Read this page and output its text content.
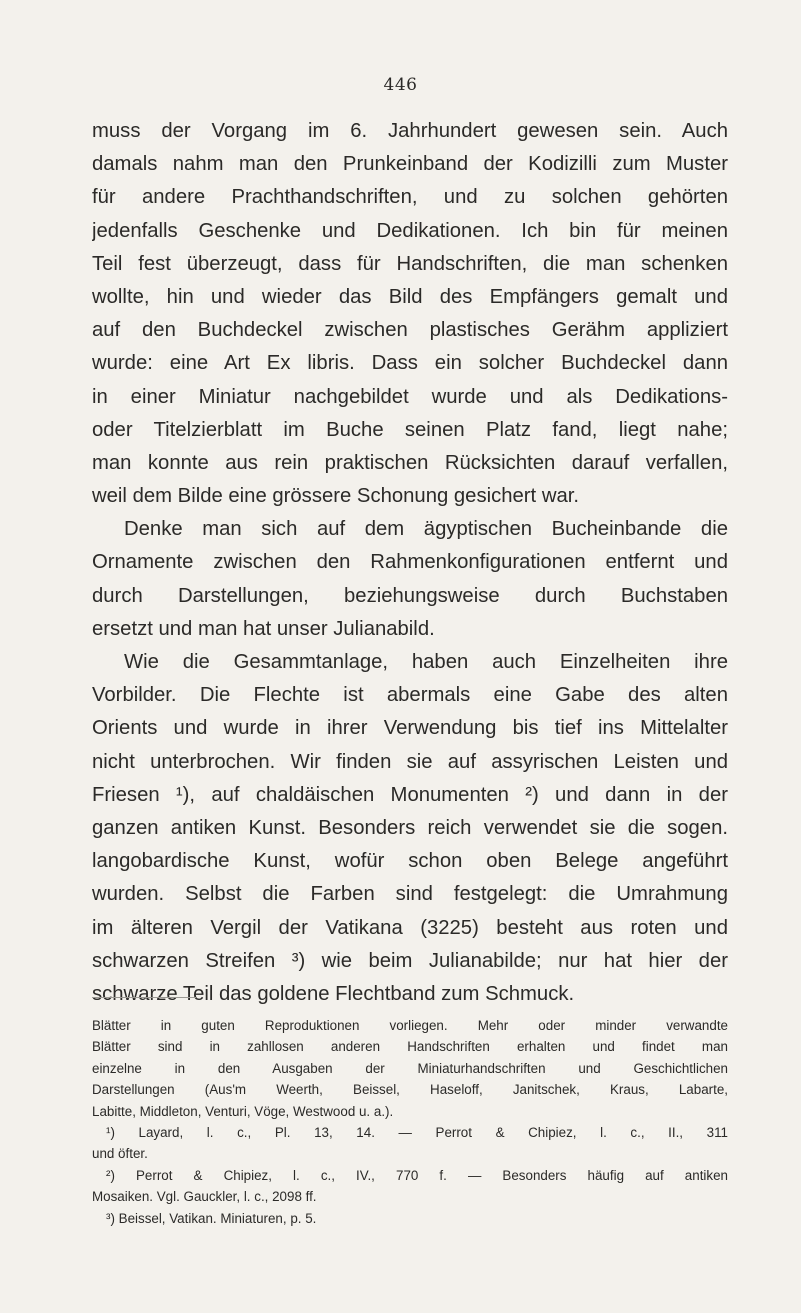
446
muss der Vorgang im 6. Jahrhundert gewesen sein. Auch
damals nahm man den Prunkeinband der Kodizilli zum Muster
für andere Prachthandschriften, und zu solchen gehörten
jedenfalls Geschenke und Dedikationen. Ich bin für meinen
Teil fest überzeugt, dass für Handschriften, die man schenken
wollte, hin und wieder das Bild des Empfängers gemalt und
auf den Buchdeckel zwischen plastisches Gerähm appliziert
wurde: eine Art Ex libris. Dass ein solcher Buchdeckel dann
in einer Miniatur nachgebildet wurde und als Dedikations-
oder Titelzierblatt im Buche seinen Platz fand, liegt nahe;
man konnte aus rein praktischen Rücksichten darauf verfallen,
weil dem Bilde eine grössere Schonung gesichert war.
Denke man sich auf dem ägyptischen Bucheinbande die
Ornamente zwischen den Rahmenkonfigurationen entfernt und
durch Darstellungen, beziehungsweise durch Buchstaben
ersetzt und man hat unser Julianabild.
Wie die Gesammtanlage, haben auch Einzelheiten ihre
Vorbilder. Die Flechte ist abermals eine Gabe des alten
Orients und wurde in ihrer Verwendung bis tief ins Mittelalter
nicht unterbrochen. Wir finden sie auf assyrischen Leisten und
Friesen ¹), auf chaldäischen Monumenten ²) und dann in der
ganzen antiken Kunst. Besonders reich verwendet sie die sogen.
langobardische Kunst, wofür schon oben Belege angeführt
wurden. Selbst die Farben sind festgelegt: die Umrahmung
im älteren Vergil der Vatikana (3225) besteht aus roten und
schwarzen Streifen ³) wie beim Julianabilde; nur hat hier der
schwarze Teil das goldene Flechtband zum Schmuck.
Blätter in guten Reproduktionen vorliegen. Mehr oder minder verwandte
Blätter sind in zahllosen anderen Handschriften erhalten und findet man
einzelne in den Ausgaben der Miniaturhandschriften und Geschichtlichen
Darstellungen (Aus'm Weerth, Beissel, Haseloff, Janitschek, Kraus, Labarte,
Labitte, Middleton, Venturi, Vöge, Westwood u. a.).
¹) Layard, l. c., Pl. 13, 14. — Perrot & Chipiez, l. c., II., 311
und öfter.
²) Perrot & Chipiez, l. c., IV., 770 f. — Besonders häufig auf antiken
Mosaiken. Vgl. Gauckler, l. c., 2098 ff.
³) Beissel, Vatikan. Miniaturen, p. 5.
